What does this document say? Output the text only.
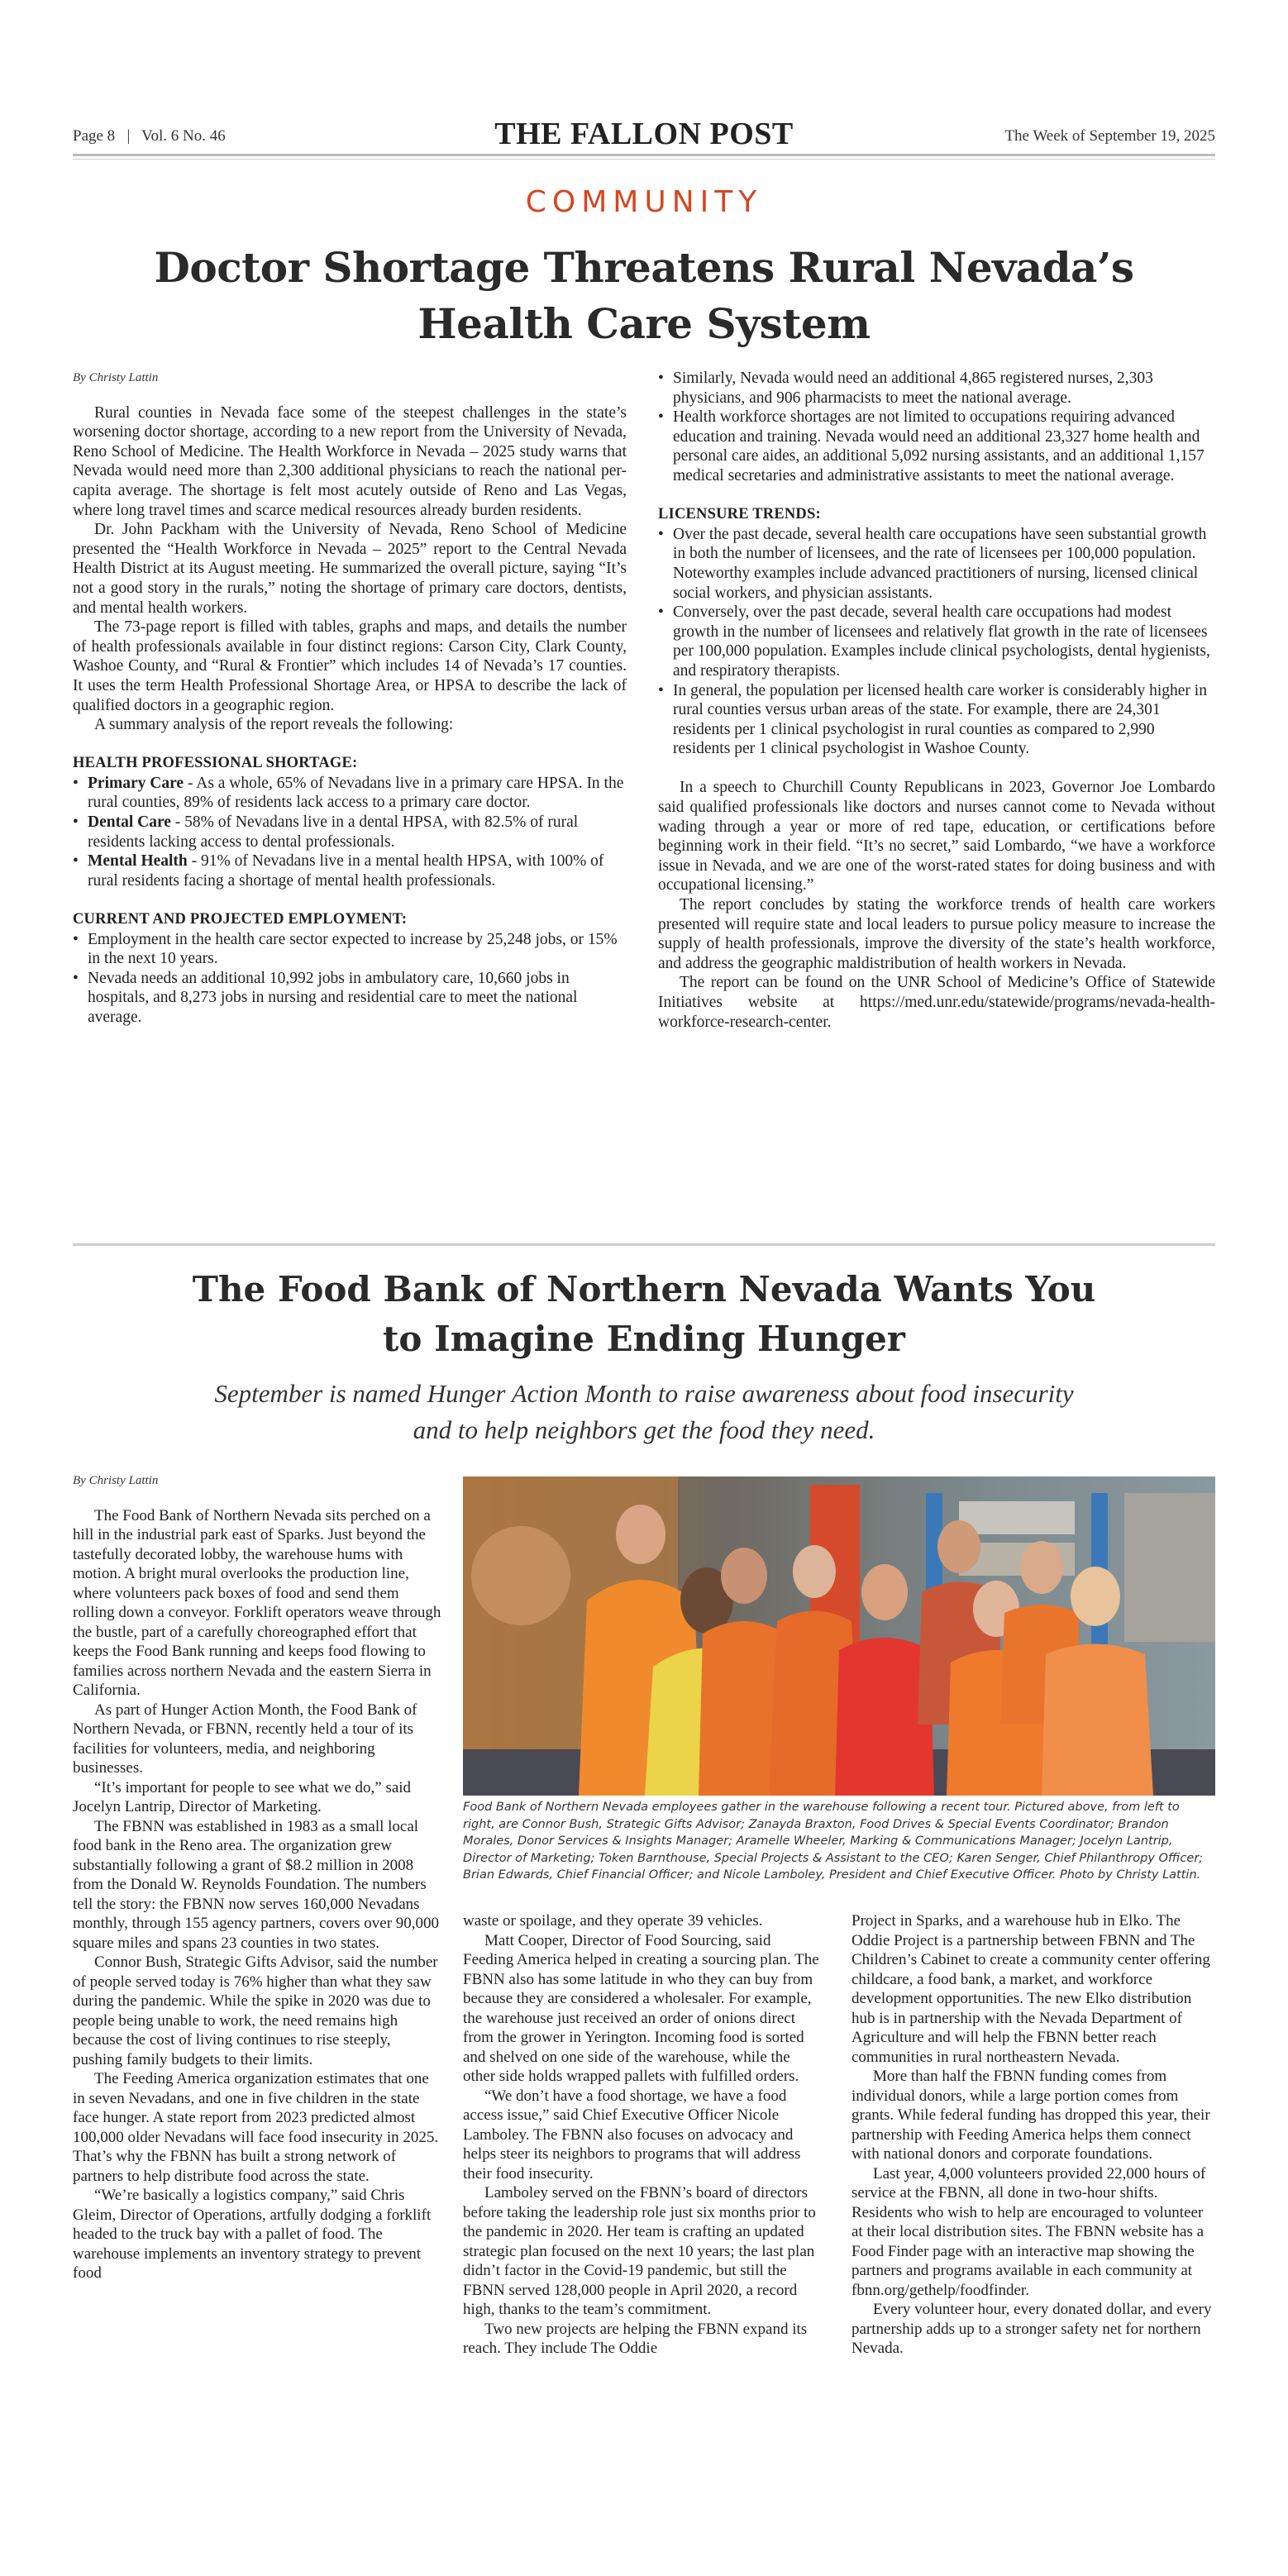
Page 8 | Vol. 6 No. 46	THE FALLON POST	The Week of September 19, 2025
COMMUNITY
Doctor Shortage Threatens Rural Nevada’s
Health Care System
By Christy Lattin

Rural counties in Nevada face some of the steepest challenges in the state’s worsening doctor shortage, according to a new report from the University of Nevada, Reno School of Medicine. The Health Workforce in Nevada – 2025 study warns that Nevada would need more than 2,300 additional physicians to reach the national per-capita average. The shortage is felt most acutely outside of Reno and Las Vegas, where long travel times and scarce medical resources already burden residents.

Dr. John Packham with the University of Nevada, Reno School of Medicine presented the “Health Workforce in Nevada – 2025” report to the Central Nevada Health District at its August meeting. He summarized the overall picture, saying “It’s not a good story in the rurals,” noting the shortage of primary care doctors, dentists, and mental health workers.

The 73-page report is filled with tables, graphs and maps, and details the number of health professionals available in four distinct regions: Carson City, Clark County, Washoe County, and “Rural & Frontier” which includes 14 of Nevada’s 17 counties. It uses the term Health Professional Shortage Area, or HPSA to describe the lack of qualified doctors in a geographic region.

A summary analysis of the report reveals the following:

HEALTH PROFESSIONAL SHORTAGE:

• Primary Care - As a whole, 65% of Nevadans live in a primary care HPSA. In the rural counties, 89% of residents lack access to a primary care doctor.
• Dental Care - 58% of Nevadans live in a dental HPSA, with 82.5% of rural residents lacking access to dental professionals.
• Mental Health - 91% of Nevadans live in a mental health HPSA, with 100% of rural residents facing a shortage of mental health professionals.

CURRENT AND PROJECTED EMPLOYMENT:

• Employment in the health care sector expected to increase by 25,248 jobs, or 15% in the next 10 years.
• Nevada needs an additional 10,992 jobs in ambulatory care, 10,660 jobs in hospitals, and 8,273 jobs in nursing and residential care to meet the national average.
• Similarly, Nevada would need an additional 4,865 registered nurses, 2,303 physicians, and 906 pharmacists to meet the national average.
• Health workforce shortages are not limited to occupations requiring advanced education and training. Nevada would need an additional 23,327 home health and personal care aides, an additional 5,092 nursing assistants, and an additional 1,157 medical secretaries and administrative assistants to meet the national average.

LICENSURE TRENDS:

• Over the past decade, several health care occupations have seen substantial growth in both the number of licensees, and the rate of licensees per 100,000 population. Noteworthy examples include advanced practitioners of nursing, licensed clinical social workers, and physician assistants.
• Conversely, over the past decade, several health care occupations had modest growth in the number of licensees and relatively flat growth in the rate of licensees per 100,000 population. Examples include clinical psychologists, dental hygienists, and respiratory therapists.
• In general, the population per licensed health care worker is considerably higher in rural counties versus urban areas of the state. For example, there are 24,301 residents per 1 clinical psychologist in rural counties as compared to 2,990 residents per 1 clinical psychologist in Washoe County.

In a speech to Churchill County Republicans in 2023, Governor Joe Lombardo said qualified professionals like doctors and nurses cannot come to Nevada without wading through a year or more of red tape, education, or certifications before beginning work in their field. “It’s no secret,” said Lombardo, “we have a workforce issue in Nevada, and we are one of the worst-rated states for doing business and with occupational licensing.”

The report concludes by stating the workforce trends of health care workers presented will require state and local leaders to pursue policy measure to increase the supply of health professionals, improve the diversity of the state’s health workforce, and address the geographic maldistribution of health workers in Nevada.

The report can be found on the UNR School of Medicine’s Office of Statewide Initiatives website at https://med.unr.edu/statewide/programs/nevada-health-workforce-research-center.

The Food Bank of Northern Nevada Wants You
to Imagine Ending Hunger
September is named Hunger Action Month to raise awareness about food insecurity
and to help neighbors get the food they need.
By Christy Lattin

The Food Bank of Northern Nevada sits perched on a hill in the industrial park east of Sparks. Just beyond the tastefully decorated lobby, the warehouse hums with motion. A bright mural overlooks the production line, where volunteers pack boxes of food and send them rolling down a conveyor. Forklift operators weave through the bustle, part of a carefully choreographed effort that keeps the Food Bank running and keeps food flowing to families across northern Nevada and the eastern Sierra in California.

As part of Hunger Action Month, the Food Bank of Northern Nevada, or FBNN, recently held a tour of its facilities for volunteers, media, and neighboring businesses.

“It’s important for people to see what we do,” said Jocelyn Lantrip, Director of Marketing.

The FBNN was established in 1983 as a small local food bank in the Reno area. The organization grew substantially following a grant of $8.2 million in 2008 from the Donald W. Reynolds Foundation. The numbers tell the story: the FBNN now serves 160,000 Nevadans monthly, through 155 agency partners, covers over 90,000 square miles and spans 23 counties in two states.

Connor Bush, Strategic Gifts Advisor, said the number of people served today is 76% higher than what they saw during the pandemic. While the spike in 2020 was due to people being unable to work, the need remains high because the cost of living continues to rise steeply, pushing family budgets to their limits.

The Feeding America organization estimates that one in seven Nevadans, and one in five children in the state face hunger. A state report from 2023 predicted almost 100,000 older Nevadans will face food insecurity in 2025. That’s why the FBNN has built a strong network of partners to help distribute food across the state.

“We’re basically a logistics company,” said Chris Gleim, Director of Operations, artfully dodging a forklift headed to the truck bay with a pallet of food. The warehouse implements an inventory strategy to prevent food

Food Bank of Northern Nevada employees gather in the warehouse following a recent tour. Pictured above, from left to right, are Connor Bush, Strategic Gifts Advisor; Zanayda Braxton, Food Drives & Special Events Coordinator; Brandon Morales, Donor Services & Insights Manager; Aramelle Wheeler, Marking & Communications Manager; Jocelyn Lantrip, Director of Marketing; Token Barnthouse, Special Projects & Assistant to the CEO; Karen Senger, Chief Philanthropy Officer; Brian Edwards, Chief Financial Officer; and Nicole Lamboley, President and Chief Executive Officer. Photo by Christy Lattin.

waste or spoilage, and they operate 39 vehicles.

Matt Cooper, Director of Food Sourcing, said Feeding America helped in creating a sourcing plan. The FBNN also has some latitude in who they can buy from because they are considered a wholesaler. For example, the warehouse just received an order of onions direct from the grower in Yerington. Incoming food is sorted and shelved on one side of the warehouse, while the other side holds wrapped pallets with fulfilled orders.

“We don’t have a food shortage, we have a food access issue,” said Chief Executive Officer Nicole Lamboley. The FBNN also focuses on advocacy and helps steer its neighbors to programs that will address their food insecurity.

Lamboley served on the FBNN’s board of directors before taking the leadership role just six months prior to the pandemic in 2020. Her team is crafting an updated strategic plan focused on the next 10 years; the last plan didn’t factor in the Covid-19 pandemic, but still the FBNN served 128,000 people in April 2020, a record high, thanks to the team’s commitment.

Two new projects are helping the FBNN expand its reach. They include The Oddie

Project in Sparks, and a warehouse hub in Elko. The Oddie Project is a partnership between FBNN and The Children’s Cabinet to create a community center offering childcare, a food bank, a market, and workforce development opportunities. The new Elko distribution hub is in partnership with the Nevada Department of Agriculture and will help the FBNN better reach communities in rural northeastern Nevada.

More than half the FBNN funding comes from individual donors, while a large portion comes from grants. While federal funding has dropped this year, their partnership with Feeding America helps them connect with national donors and corporate foundations.

Last year, 4,000 volunteers provided 22,000 hours of service at the FBNN, all done in two-hour shifts. Residents who wish to help are encouraged to volunteer at their local distribution sites. The FBNN website has a Food Finder page with an interactive map showing the partners and programs available in each community at fbnn.org/gethelp/foodfinder.

Every volunteer hour, every donated dollar, and every partnership adds up to a stronger safety net for northern Nevada.
